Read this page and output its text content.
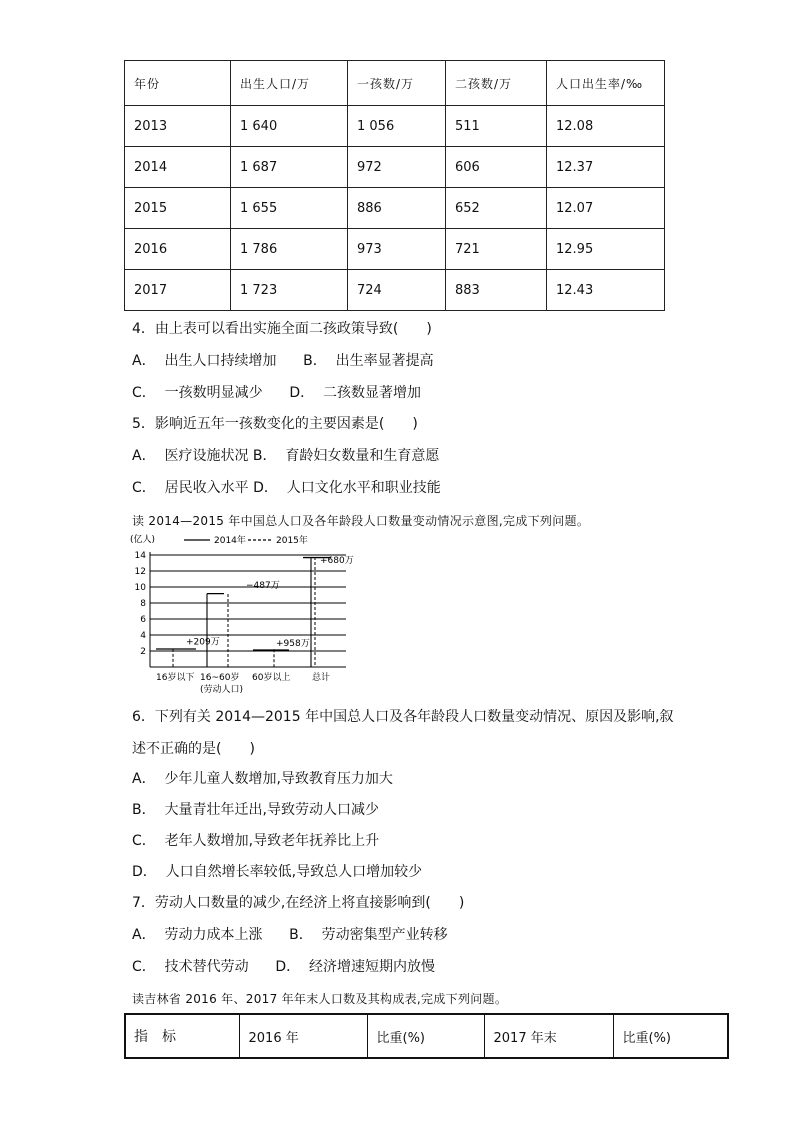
年份	出生人口/万	一孩数/万	二孩数/万	人口出生率/‰
2013	1 640	1 056	511	12.08
2014	1 687	972	606	12.37
2015	1 655	886	652	12.07
2016	1 786	973	721	12.95
2017	1 723	724	883	12.43
4．由上表可以看出实施全面二孩政策导致(　　)
A．  出生人口持续增加      B．  出生率显著提高
C．  一孩数明显减少      D．  二孩数显著增加
5．影响近五年一孩数变化的主要因素是(　　)
A．  医疗设施状况 B．  育龄妇女数量和生育意愿
C．  居民收入水平 D．  人口文化水平和职业技能
读 2014—2015 年中国总人口及各年龄段人口数量变动情况示意图,完成下列问题。
(亿人)	2014年	2015年
2
4
6
8
10
12
14
+209万
−487万
+958万
+680万
16岁以下 16~60岁
(劳动人口)
60岁以上 总计
6．下列有关 2014—2015 年中国总人口及各年龄段人口数量变动情况、原因及影响,叙
述不正确的是(　　)
A．  少年儿童人数增加,导致教育压力加大
B．  大量青壮年迁出,导致劳动人口减少
C．  老年人数增加,导致老年抚养比上升
D．  人口自然增长率较低,导致总人口增加较少
7．劳动人口数量的减少,在经济上将直接影响到(　　)
A．  劳动力成本上涨      B．  劳动密集型产业转移
C．  技术替代劳动      D．  经济增速短期内放慢
读吉林省 2016 年、2017 年年末人口数及其构成表,完成下列问题。
指　标	2016 年	比重(%)	2017 年末	比重(%)
